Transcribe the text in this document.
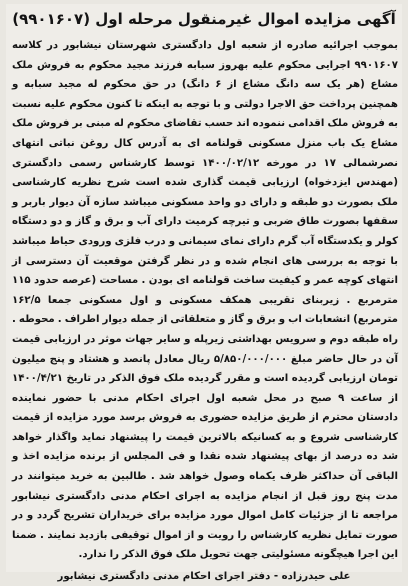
آگهی مزایده اموال غیرمنقول مرحله اول (۹۹۰۱۶۰۷)

بموجب اجرائیه صادره از شعبه اول دادگستری شهرستان نیشابور در کلاسه ۹۹۰۱۶۰۷ اجرایی محکوم علیه بهروز سبابه فرزند مجید محکوم به فروش ملک مشاع (هر یک سه دانگ مشاع از ۶ دانگ) در حق محکوم له مجید سبابه و همچنین پرداخت حق الاجرا دولتی و با توجه به اینکه تا کنون محکوم علیه نسبت به فروش ملک اقدامی ننموده اند حسب تقاضای محکوم له مبنی بر فروش ملک مشاع یک باب منزل مسکونی قولنامه ای به آدرس کال روغن نباتی انتهای نصرشمالی ۱۷ در مورخه ۱۴۰۰/۰۲/۱۲ توسط کارشناس رسمی دادگستری (مهندس ایزدخواه) ارزیابی قیمت گذاری شده است شرح نظریه کارشناسی ملک بصورت دو طبقه و دارای دو واحد مسکونی میباشد سازه آن دیوار باربر و سقفها بصورت طاق ضربی و تیرچه کرمیت دارای آب و برق و گاز و دو دستگاه کولر و یکدستگاه آب گرم دارای نمای سیمانی و درب فلزی ورودی حیاط میباشد با توجه به بررسی های انجام شده و در نظر گرفتن موقعیت آن دسترسی از انتهای کوچه عمر و کیفیت ساخت قولنامه ای بودن . مساحت (عرصه حدود ۱۱۵ مترمربع . زیربنای تقریبی همکف مسکونی و اول مسکونی جمعا ۱۶۲/۵ مترمربع) انشعابات اب و برق و گاز و متعلقاتی از جمله دیوار اطراف . محوطه . راه طبقه دوم و سرویس بهداشتی زیرپله و سایر جهات موثر در ارزیابی قیمت آن در حال حاضر مبلغ ۵/۸۵۰/۰۰۰/۰۰۰ ریال معادل پانصد و هشتاد و پنج میلیون تومان ارزیابی گردیده است و مقرر گردیده ملک فوق الذکر در تاریخ ۱۴۰۰/۴/۲۱ از ساعت ۹ صبح در محل شعبه اول اجرای احکام مدنی با حضور نماینده دادستان محترم از طریق مزایده حضوری به فروش برسد مورد مزایده از قیمت کارشناسی شروع و به کسانیکه بالاترین قیمت را پیشنهاد نماید واگذار خواهد شد ده درصد از بهای پیشنهاد شده نقدا و فی المجلس از برنده مزایده اخذ و الباقی آن حداکثر ظرف یکماه وصول خواهد شد . طالبین به خرید میتوانند در مدت پنج روز قبل از انجام مزایده به اجرای احکام مدنی دادگستری نیشابور مراجعه تا از جزئیات کامل اموال مورد مزایده برای خریداران تشریح گردد و در صورت تمایل نظریه کارشناس را رویت و از اموال توقیفی بازدید نمایند . ضمنا این اجرا هیچگونه مسئولیتی جهت تحویل ملک فوق الذکر را ندارد.

علی حیدرزاده - دفتر اجرای احکام مدنی دادگستری نیشابور
